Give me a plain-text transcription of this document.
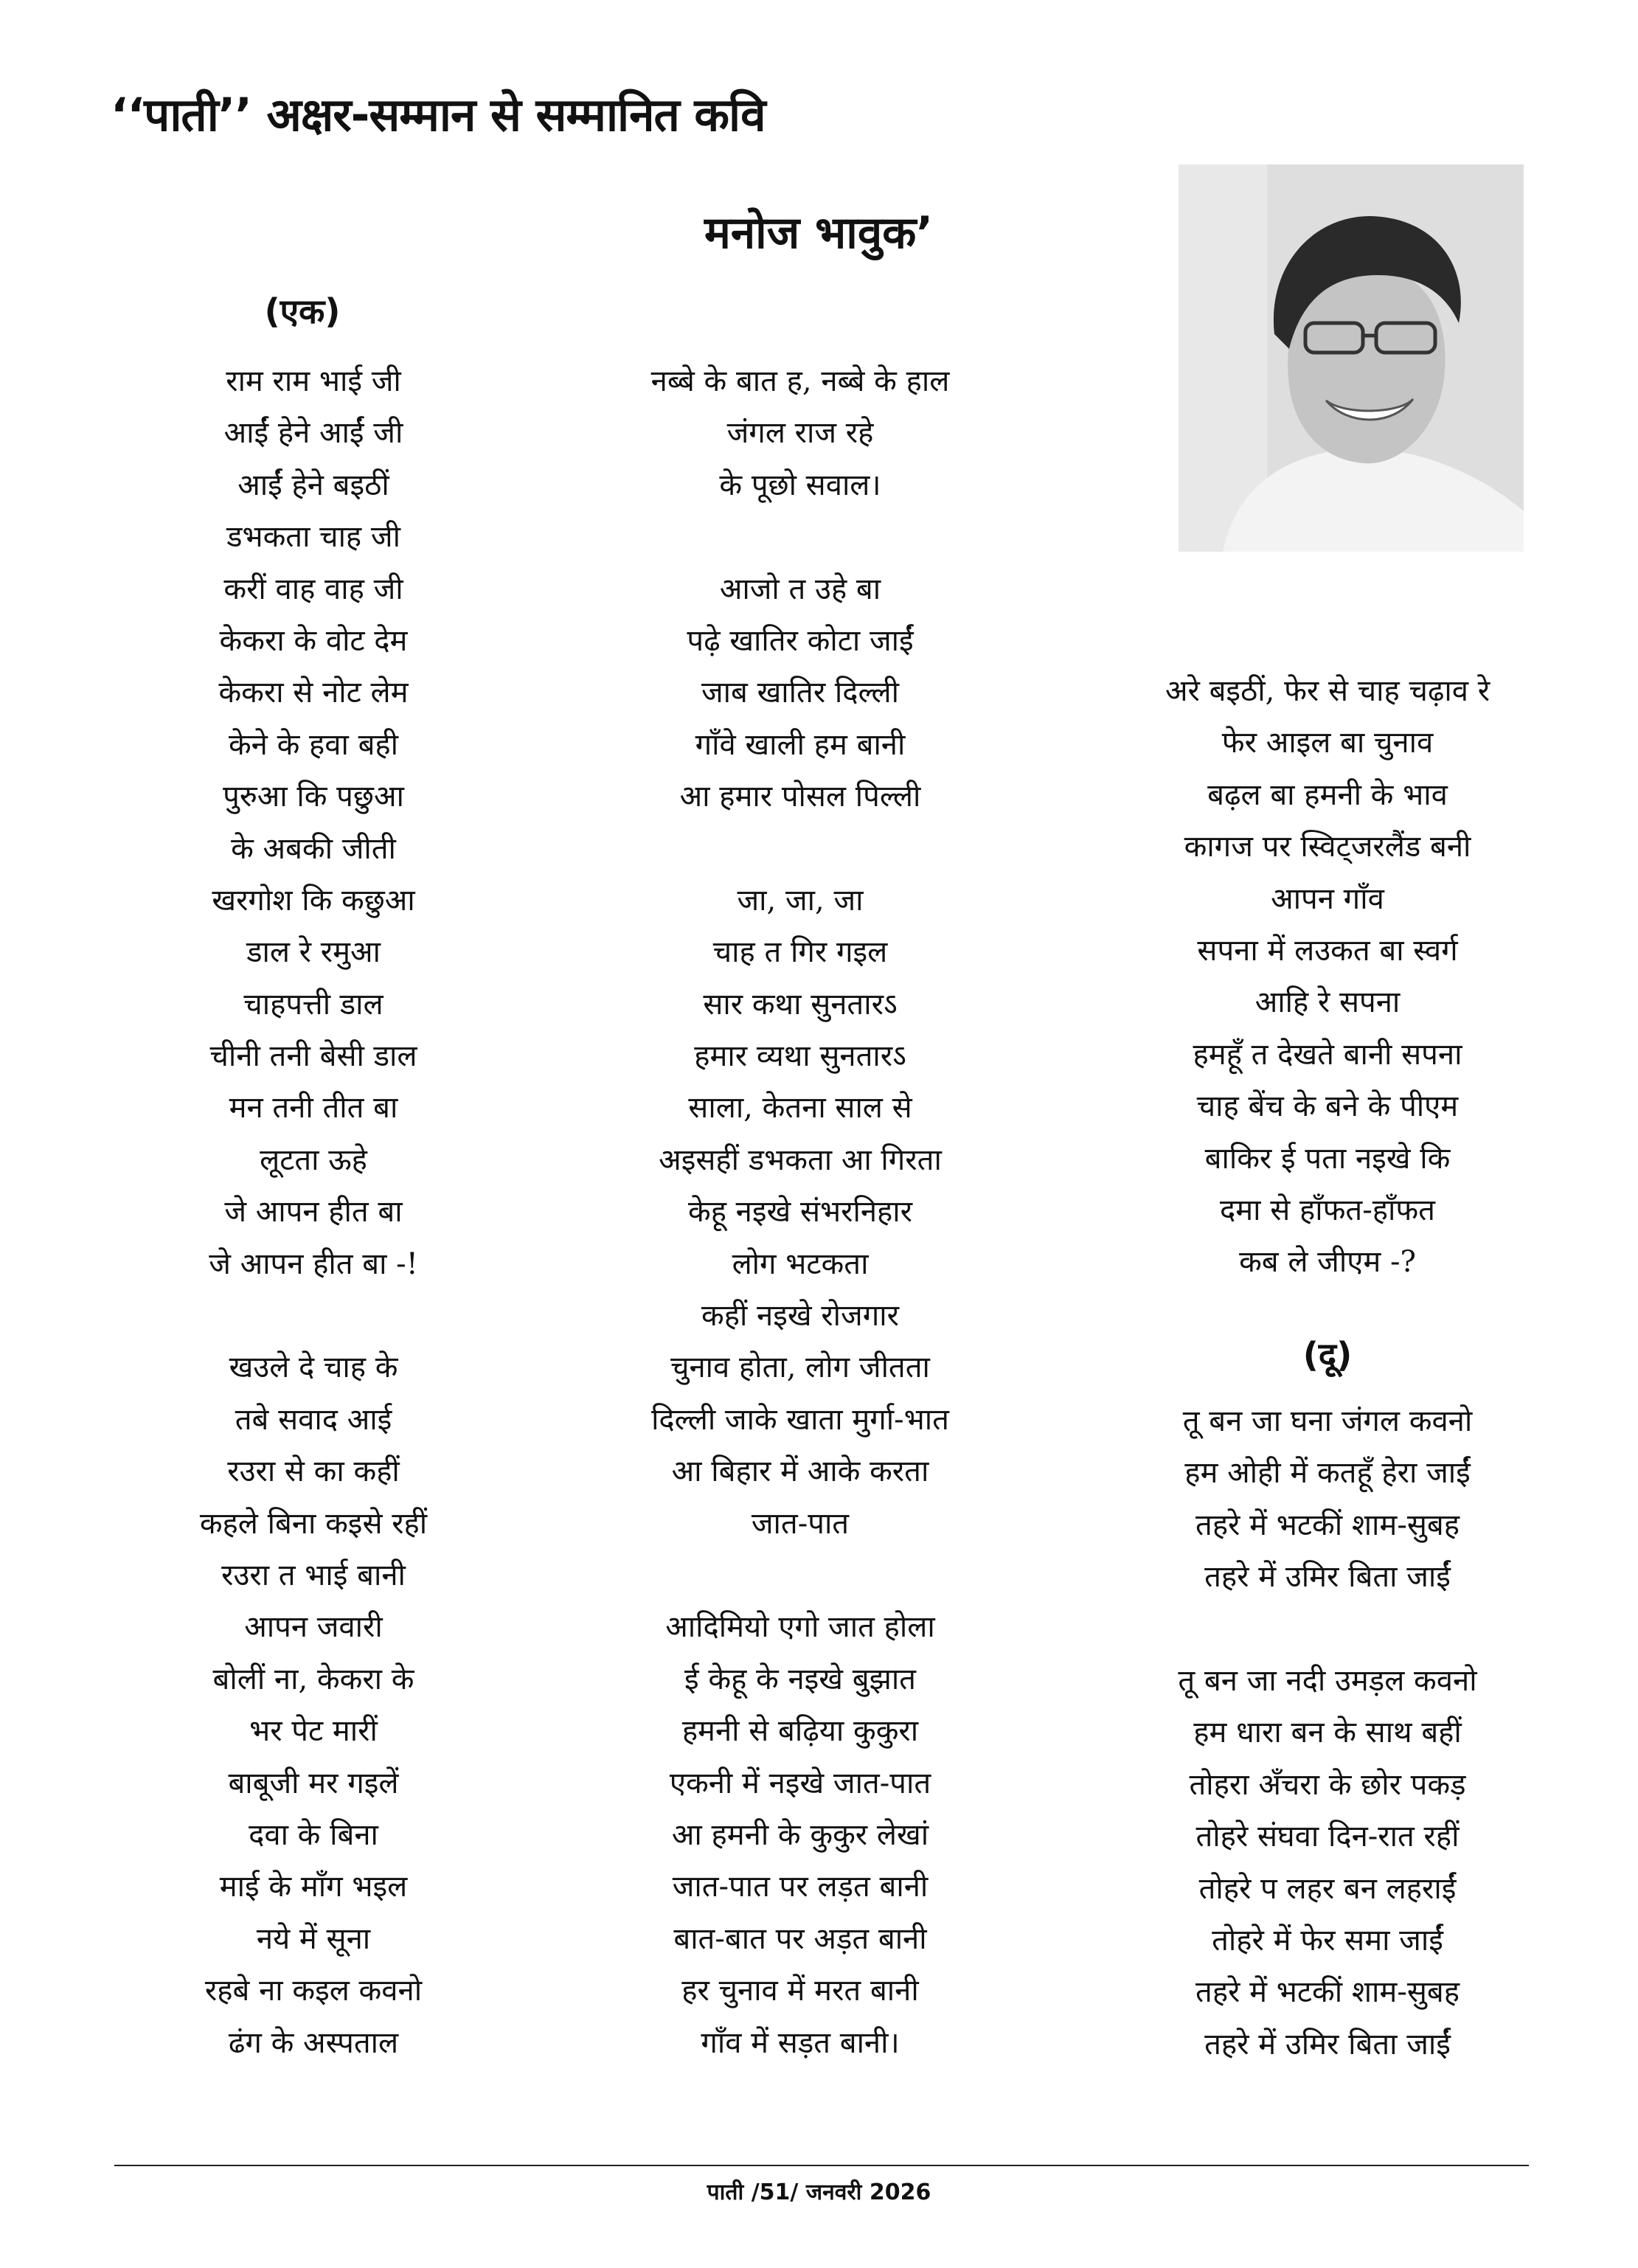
‘‘पाती’’ अक्षर-सम्मान से सम्मानित कवि
मनोज भावुक’
(एक)
(दू)
राम राम भाई जी
आईं हेने आईं जी
आईं हेने बइठीं
डभकता चाह जी
करीं वाह वाह जी
केकरा के वोट देम
केकरा से नोट लेम
केने के हवा बही
पुरुआ कि पछुआ
के अबकी जीती
खरगोश कि कछुआ
डाल रे रमुआ
चाहपत्ती डाल
चीनी तनी बेसी डाल
मन तनी तीत बा
लूटता ऊहे
जे आपन हीत बा
जे आपन हीत बा -!
खउले दे चाह के
तबे सवाद आई
रउरा से का कहीं
कहले बिना कइसे रहीं
रउरा त भाई बानी
आपन जवारी
बोलीं ना, केकरा के
भर पेट मारीं
बाबूजी मर गइलें
दवा के बिना
माई के माँग भइल
नये में सूना
रहबे ना कइल कवनो
ढंग के अस्पताल
नब्बे के बात ह, नब्बे के हाल
जंगल राज रहे
के पूछो सवाल।
आजो त उहे बा
पढ़े खातिर कोटा जाईं
जाब खातिर दिल्ली
गाँवे खाली हम बानी
आ हमार पोसल पिल्ली
जा, जा, जा
चाह त गिर गइल
सार कथा सुनतारऽ
हमार व्यथा सुनतारऽ
साला, केतना साल से
अइसहीं डभकता आ गिरता
केहू नइखे संभरनिहार
लोग भटकता
कहीं नइखे रोजगार
चुनाव होता, लोग जीतता
दिल्ली जाके खाता मुर्गा-भात
आ बिहार में आके करता
जात-पात
आदिमियो एगो जात होला
ई केहू के नइखे बुझात
हमनी से बढ़िया कुकुरा
एकनी में नइखे जात-पात
आ हमनी के कुकुर लेखां
जात-पात पर लड़त बानी
बात-बात पर अड़त बानी
हर चुनाव में मरत बानी
गाँव में सड़त बानी।
अरे बइठीं, फेर से चाह चढ़ाव रे
फेर आइल बा चुनाव
बढ़ल बा हमनी के भाव
कागज पर स्विट्जरलैंड बनी
आपन गाँव
सपना में लउकत बा स्वर्ग
आहि रे सपना
हमहूँ त देखते बानी सपना
चाह बेंच के बने के पीएम
बाकिर ई पता नइखे कि
दमा से हाँफत-हाँफत
कब ले जीएम -?
तू बन जा घना जंगल कवनो
हम ओही में कतहूँ हेरा जाईं
तहरे में भटकीं शाम-सुबह
तहरे में उमिर बिता जाईं
तू बन जा नदी उमड़ल कवनो
हम धारा बन के साथ बहीं
तोहरा अँचरा के छोर पकड़
तोहरे संघवा दिन-रात रहीं
तोहरे प लहर बन लहराईं
तोहरे में फेर समा जाईं
तहरे में भटकीं शाम-सुबह
तहरे में उमिर बिता जाईं
पाती /51/ जनवरी 2026
